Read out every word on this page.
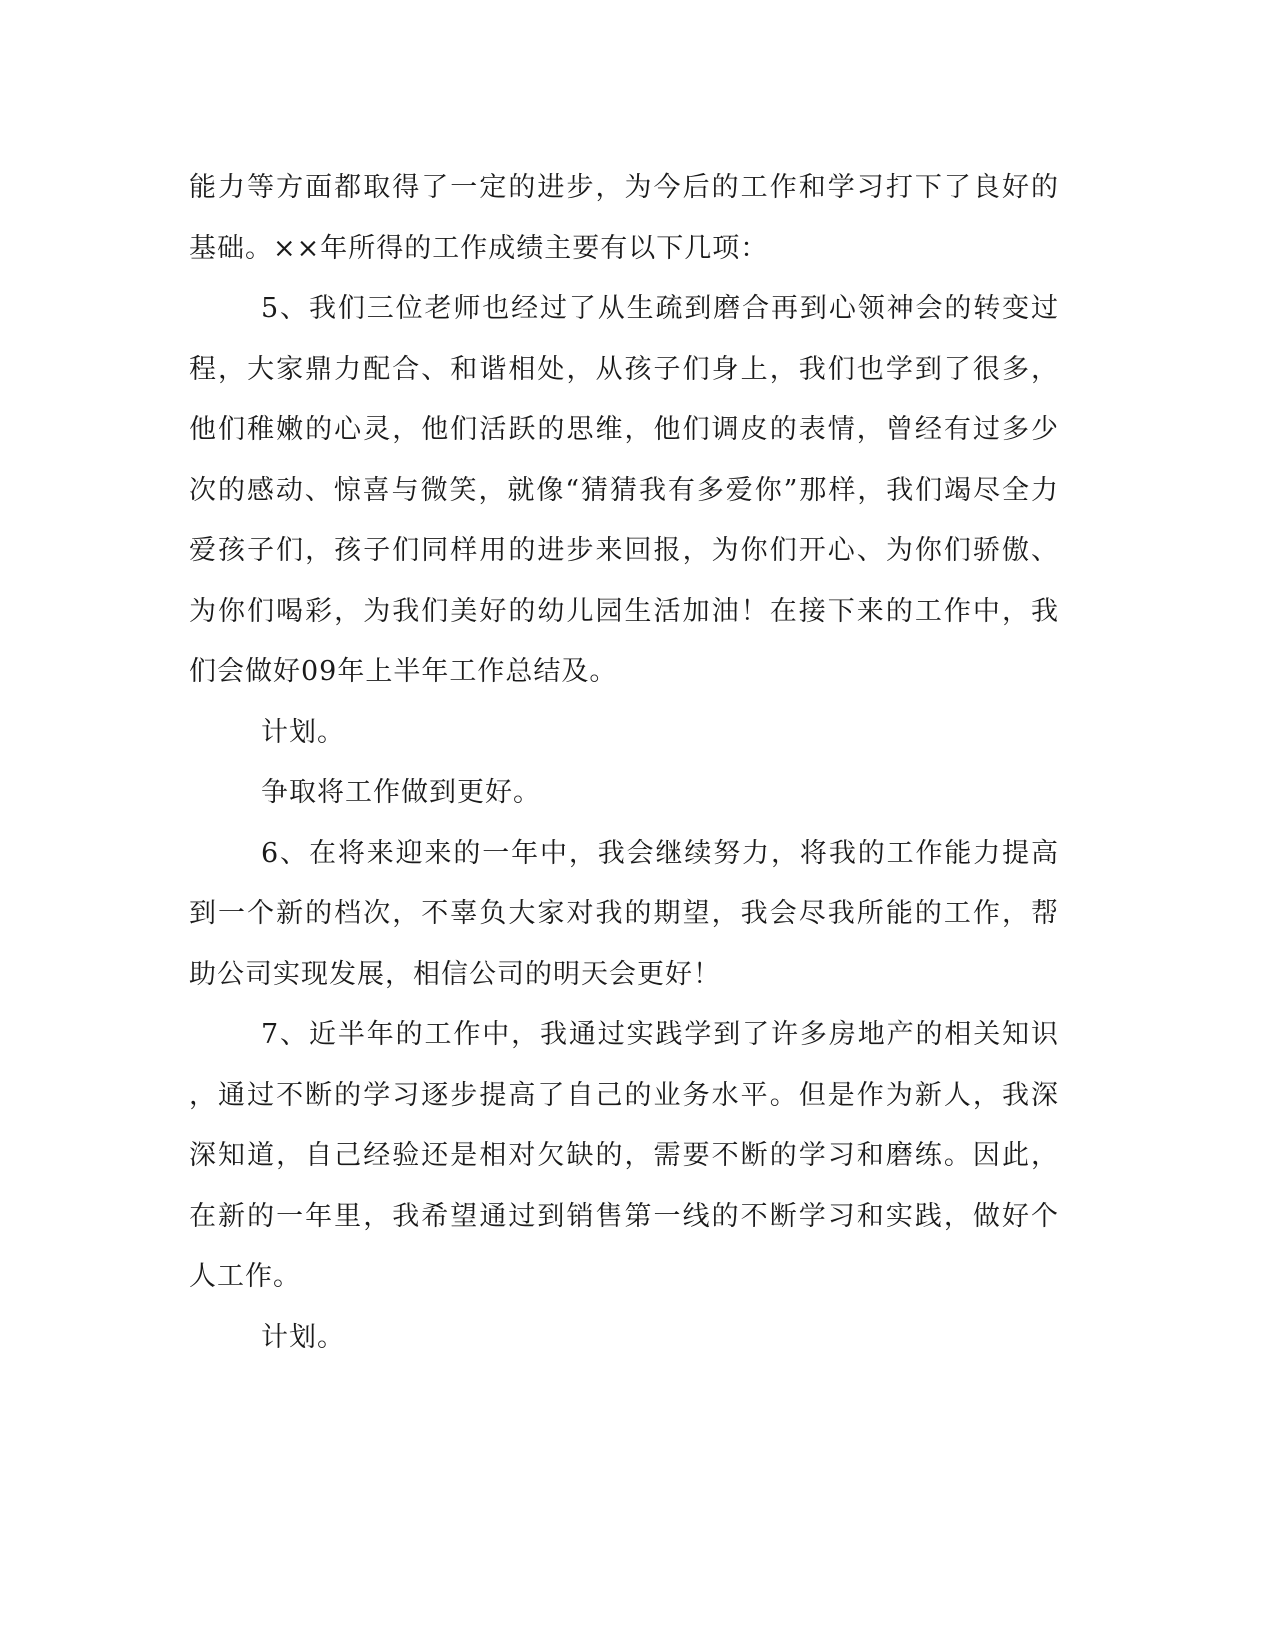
能力等方面都取得了一定的进步，为今后的工作和学习打下了良好的
基础。××年所得的工作成绩主要有以下几项：
5、我们三位老师也经过了从生疏到磨合再到心领神会的转变过
程，大家鼎力配合、和谐相处，从孩子们身上，我们也学到了很多，
他们稚嫩的心灵，他们活跃的思维，他们调皮的表情，曾经有过多少
次的感动、惊喜与微笑，就像“猜猜我有多爱你”那样，我们竭尽全力
爱孩子们，孩子们同样用的进步来回报，为你们开心、为你们骄傲、
为你们喝彩，为我们美好的幼儿园生活加油！在接下来的工作中，我
们会做好09年上半年工作总结及。
计划。
争取将工作做到更好。
6、在将来迎来的一年中，我会继续努力，将我的工作能力提高
到一个新的档次，不辜负大家对我的期望，我会尽我所能的工作，帮
助公司实现发展，相信公司的明天会更好！
7、近半年的工作中，我通过实践学到了许多房地产的相关知识
，通过不断的学习逐步提高了自己的业务水平。但是作为新人，我深
深知道，自己经验还是相对欠缺的，需要不断的学习和磨练。因此，
在新的一年里，我希望通过到销售第一线的不断学习和实践，做好个
人工作。
计划。
